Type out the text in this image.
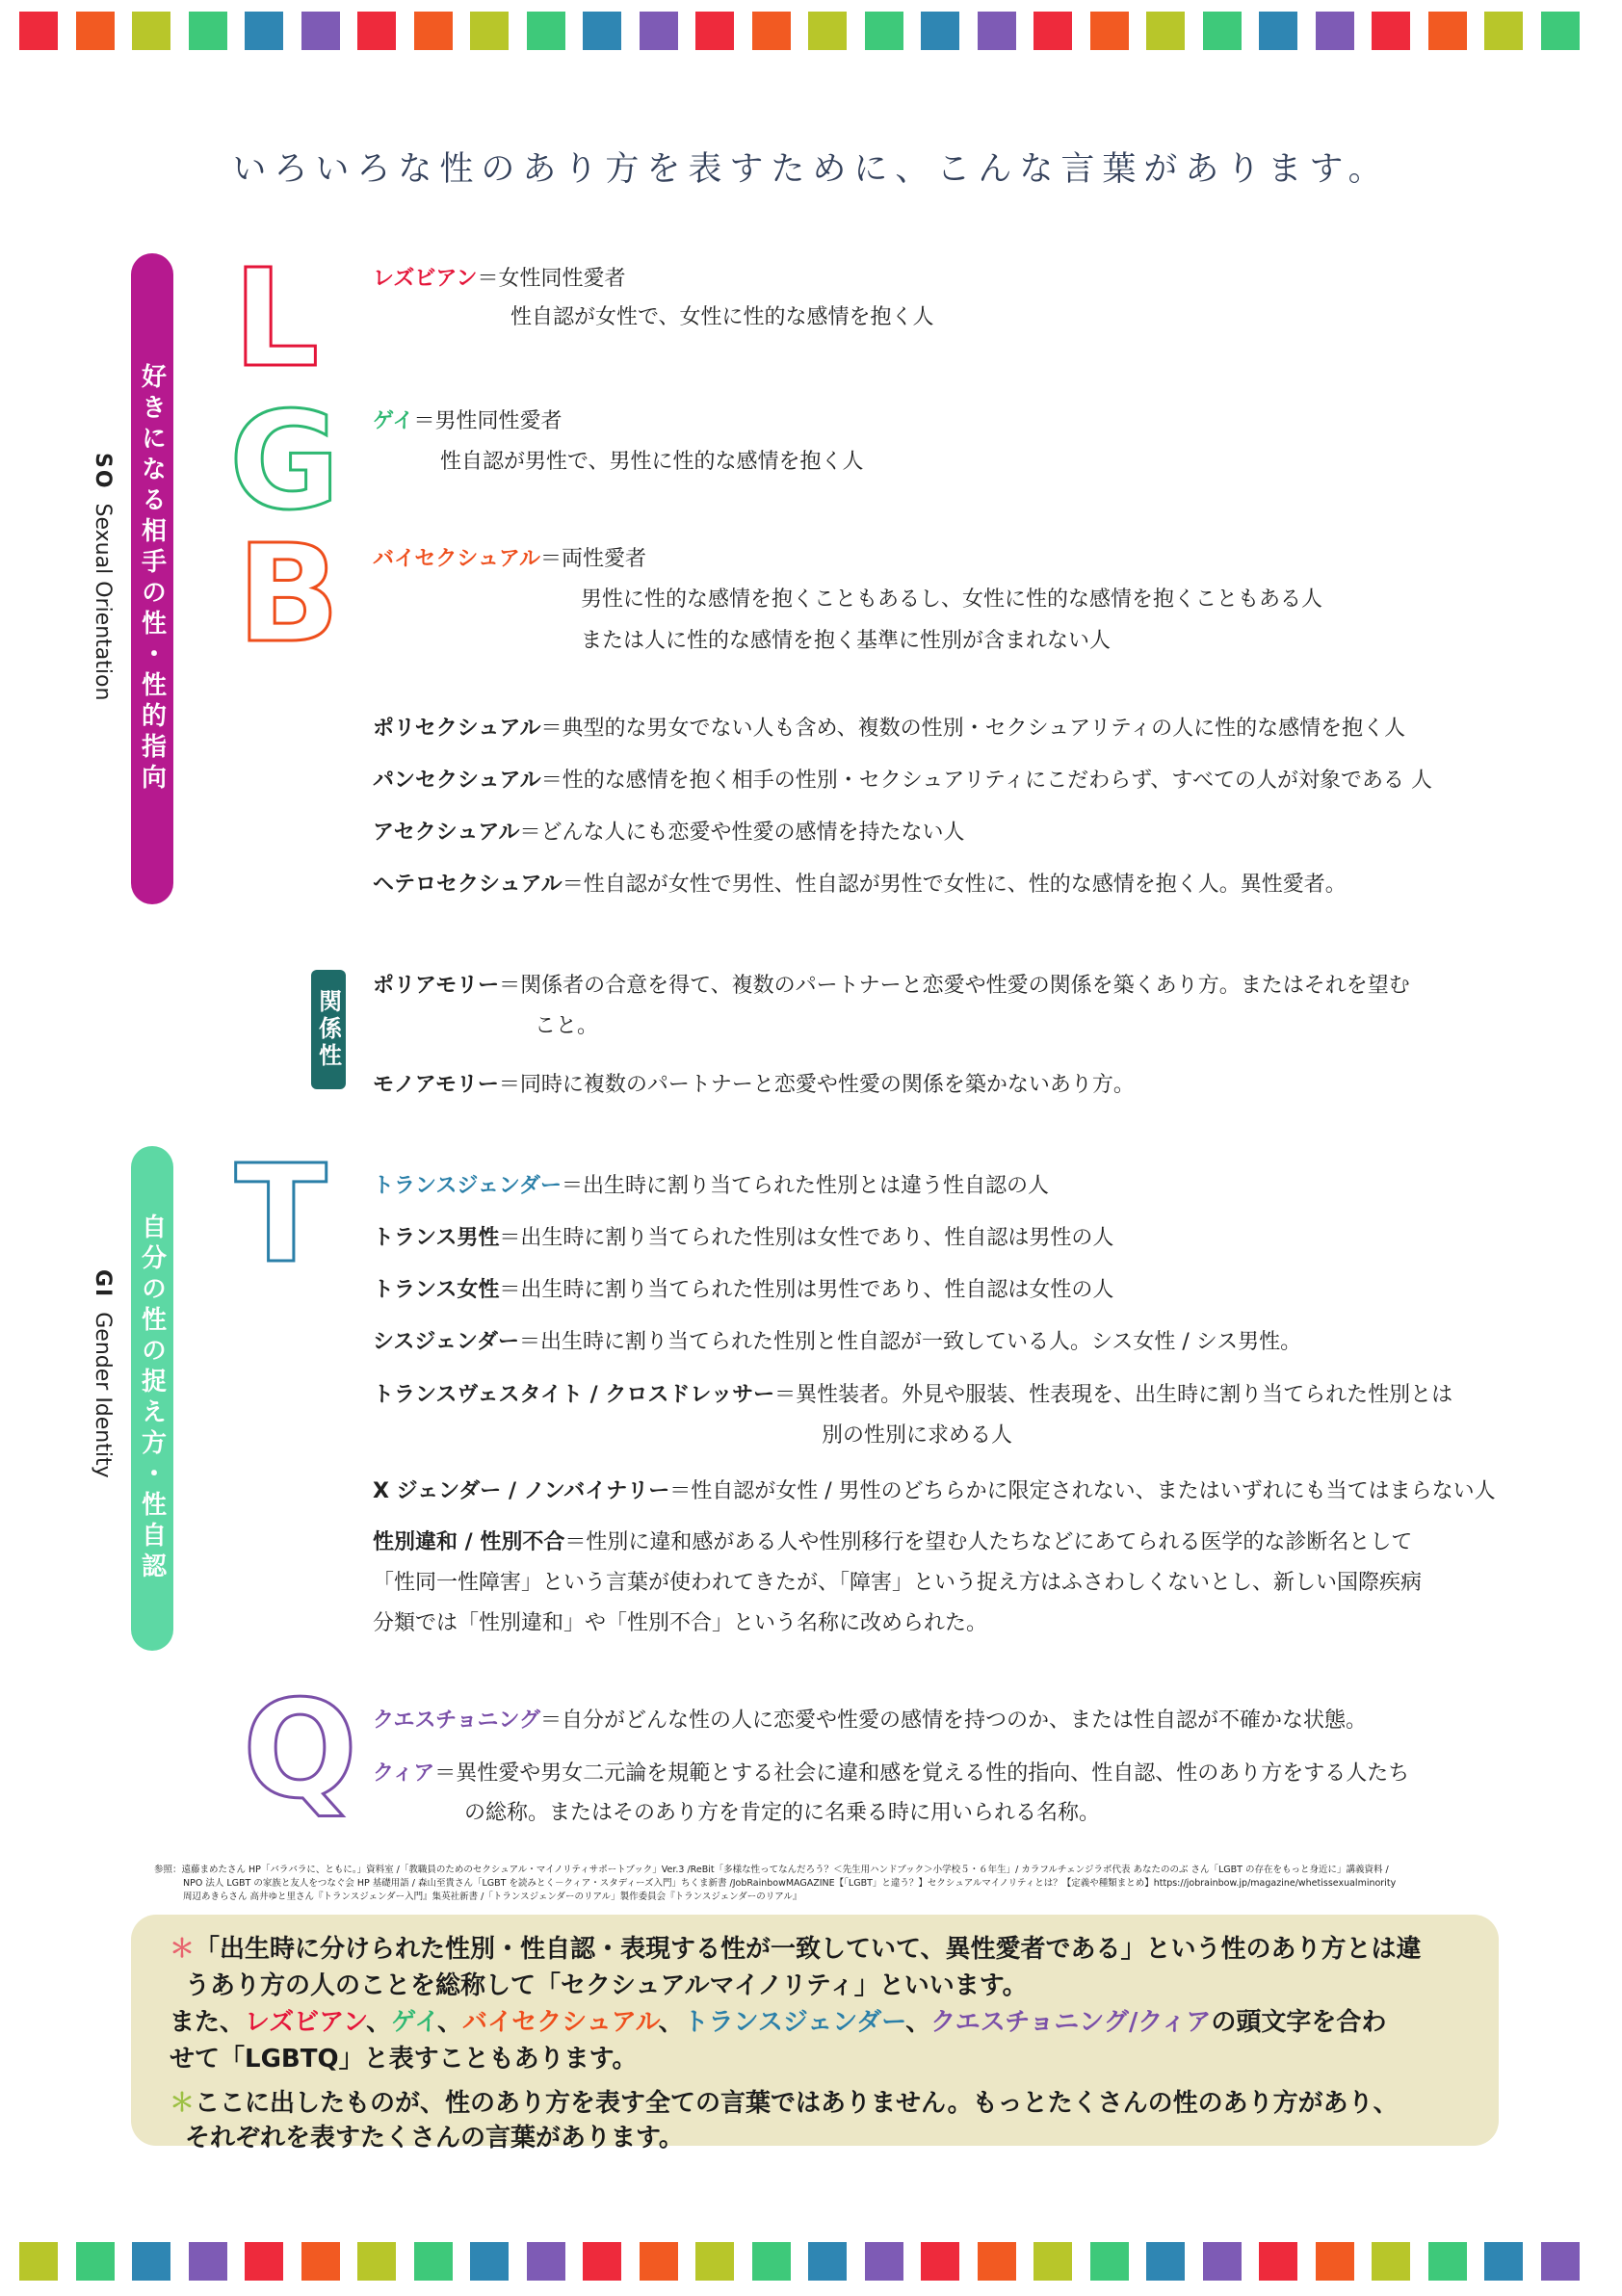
いろいろな性のあり方を表すために、こんな言葉があります。
好きになる相手の性・性的指向
SOSexual Orientation
自分の性の捉え方・性自認
GIGender Identity
L
G
B
T
Q
レズビアン＝女性同性愛者
性自認が女性で、女性に性的な感情を抱く人
ゲイ＝男性同性愛者
性自認が男性で、男性に性的な感情を抱く人
バイセクシュアル＝両性愛者
男性に性的な感情を抱くこともあるし、女性に性的な感情を抱くこともある人
または人に性的な感情を抱く基準に性別が含まれない人
ポリセクシュアル＝典型的な男女でない人も含め、複数の性別・セクシュアリティの人に性的な感情を抱く人
パンセクシュアル＝性的な感情を抱く相手の性別・セクシュアリティにこだわらず、すべての人が対象である 人
アセクシュアル＝どんな人にも恋愛や性愛の感情を持たない人
ヘテロセクシュアル＝性自認が女性で男性、性自認が男性で女性に、性的な感情を抱く人。異性愛者。
関係性
ポリアモリー＝関係者の合意を得て、複数のパートナーと恋愛や性愛の関係を築くあり方。またはそれを望む
こと。
モノアモリー＝同時に複数のパートナーと恋愛や性愛の関係を築かないあり方。
トランスジェンダー＝出生時に割り当てられた性別とは違う性自認の人
トランス男性＝出生時に割り当てられた性別は女性であり、性自認は男性の人
トランス女性＝出生時に割り当てられた性別は男性であり、性自認は女性の人
シスジェンダー＝出生時に割り当てられた性別と性自認が一致している人。シス女性 / シス男性。
トランスヴェスタイト / クロスドレッサー＝異性装者。外見や服装、性表現を、出生時に割り当てられた性別とは
別の性別に求める人
X ジェンダー / ノンバイナリー＝性自認が女性 / 男性のどちらかに限定されない、またはいずれにも当てはまらない人
性別違和 / 性別不合＝性別に違和感がある人や性別移行を望む人たちなどにあてられる医学的な診断名として
「性同一性障害」という言葉が使われてきたが、「障害」という捉え方はふさわしくないとし、新しい国際疾病
分類では「性別違和」や「性別不合」という名称に改められた。
クエスチョニング＝自分がどんな性の人に恋愛や性愛の感情を持つのか、または性自認が不確かな状態。
クィア＝異性愛や男女二元論を規範とする社会に違和感を覚える性的指向、性自認、性のあり方をする人たち
の総称。またはそのあり方を肯定的に名乗る時に用いられる名称。
参照：遠藤まめたさん HP「バラバラに、ともに。」資料室 /「教職員のためのセクシュアル・マイノリティサポートブック」Ver.3 /ReBit「多様な性ってなんだろう？＜先生用ハンドブック＞小学校５・６年生」/ カラフルチェンジラボ代表 あなたののぶ さん「LGBT の存在をもっと身近に」講義資料 /
NPO 法人 LGBT の家族と友人をつなぐ会 HP 基礎用語 / 森山至貴さん「LGBT を読みとく－クィア・スタディーズ入門」ちくま新書 /JobRainbowMAGAZINE【「LGBT」と違う？】セクシュアルマイノリティとは？【定義や種類まとめ】https://jobrainbow.jp/magazine/whetissexualminority
周辺あきらさん 高井ゆと里さん『トランスジェンダー入門』集英社新書 /「トランスジェンダーのリアル」製作委員会『トランスジェンダーのリアル』
＊「出生時に分けられた性別・性自認・表現する性が一致していて、異性愛者である」という性のあり方とは違
うあり方の人のことを総称して「セクシュアルマイノリティ」といいます。
また、レズビアン、ゲイ、バイセクシュアル、トランスジェンダー、クエスチョニング/クィアの頭文字を合わ
せて「LGBTQ」と表すこともあります。
＊ここに出したものが、性のあり方を表す全ての言葉ではありません。もっとたくさんの性のあり方があり、
それぞれを表すたくさんの言葉があります。
